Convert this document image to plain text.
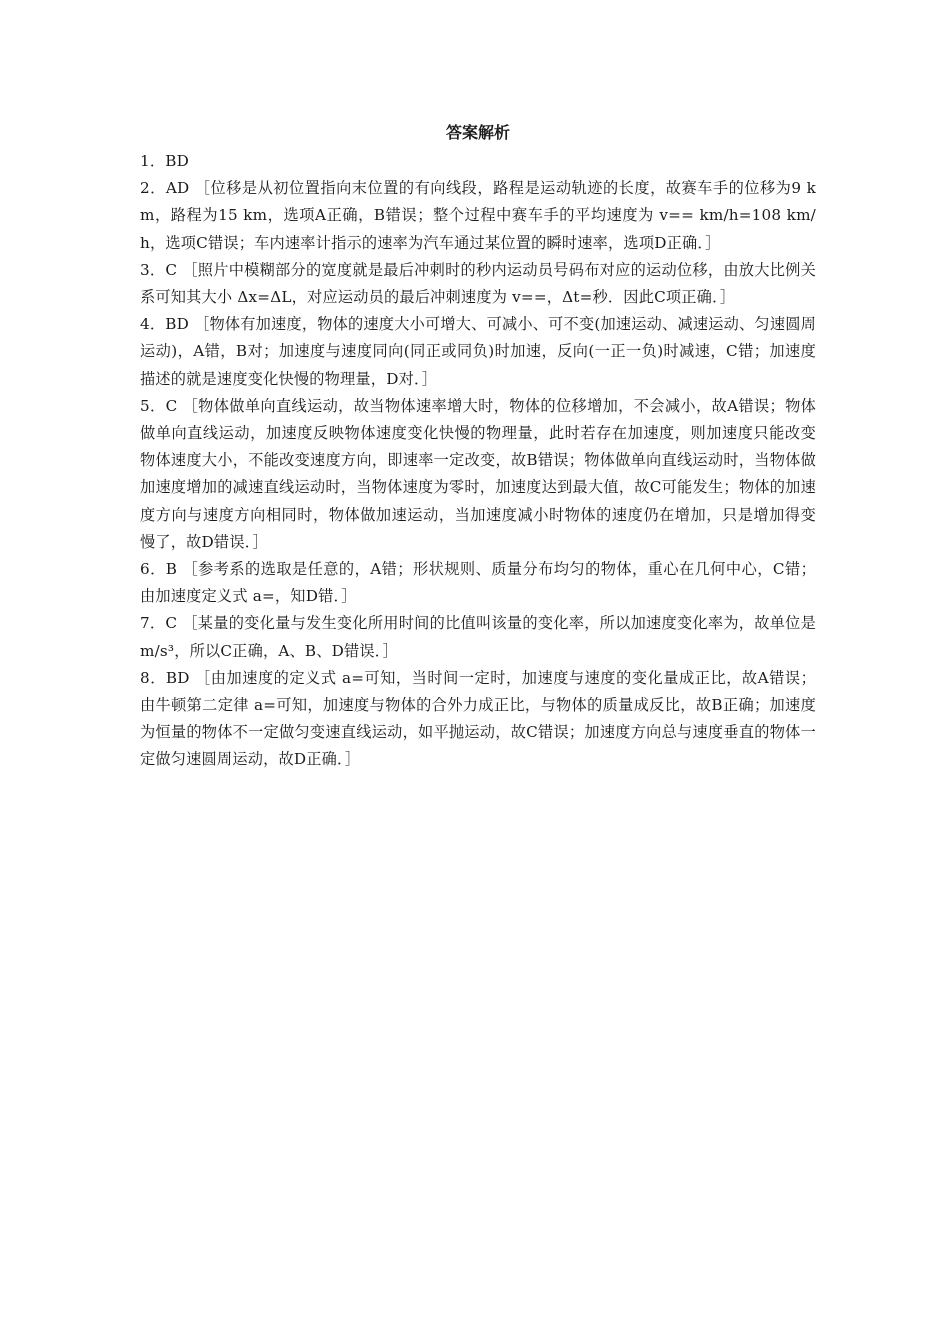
答案解析

1．BD

2．AD ［位移是从初位置指向末位置的有向线段，路程是运动轨迹的长度，故赛车手的位移为9 km，路程为15 km，选项A正确，B错误；整个过程中赛车手的平均速度为 v== km/h=108 km/h，选项C错误；车内速率计指示的速率为汽车通过某位置的瞬时速率，选项D正确．］

3．C ［照片中模糊部分的宽度就是最后冲刺时的秒内运动员号码布对应的运动位移，由放大比例关系可知其大小 Δx=ΔL，对应运动员的最后冲刺速度为 v==，Δt=秒．因此C项正确．］

4．BD ［物体有加速度，物体的速度大小可增大、可减小、可不变(加速运动、减速运动、匀速圆周运动)，A错，B对；加速度与速度同向(同正或同负)时加速，反向(一正一负)时减速，C错；加速度描述的就是速度变化快慢的物理量，D对．］

5．C ［物体做单向直线运动，故当物体速率增大时，物体的位移增加，不会减小，故A错误；物体做单向直线运动，加速度反映物体速度变化快慢的物理量，此时若存在加速度，则加速度只能改变物体速度大小，不能改变速度方向，即速率一定改变，故B错误；物体做单向直线运动时，当物体做加速度增加的减速直线运动时，当物体速度为零时，加速度达到最大值，故C可能发生；物体的加速度方向与速度方向相同时，物体做加速运动，当加速度减小时物体的速度仍在增加，只是增加得变慢了，故D错误．］

6．B ［参考系的选取是任意的，A错；形状规则、质量分布均匀的物体，重心在几何中心，C错；由加速度定义式 a=，知D错．］

7．C ［某量的变化量与发生变化所用时间的比值叫该量的变化率，所以加速度变化率为，故单位是m/s³，所以C正确，A、B、D错误．］

8．BD ［由加速度的定义式 a=可知，当时间一定时，加速度与速度的变化量成正比，故A错误；由牛顿第二定律 a=可知，加速度与物体的合外力成正比，与物体的质量成反比，故B正确；加速度为恒量的物体不一定做匀变速直线运动，如平抛运动，故C错误；加速度方向总与速度垂直的物体一定做匀速圆周运动，故D正确．］
